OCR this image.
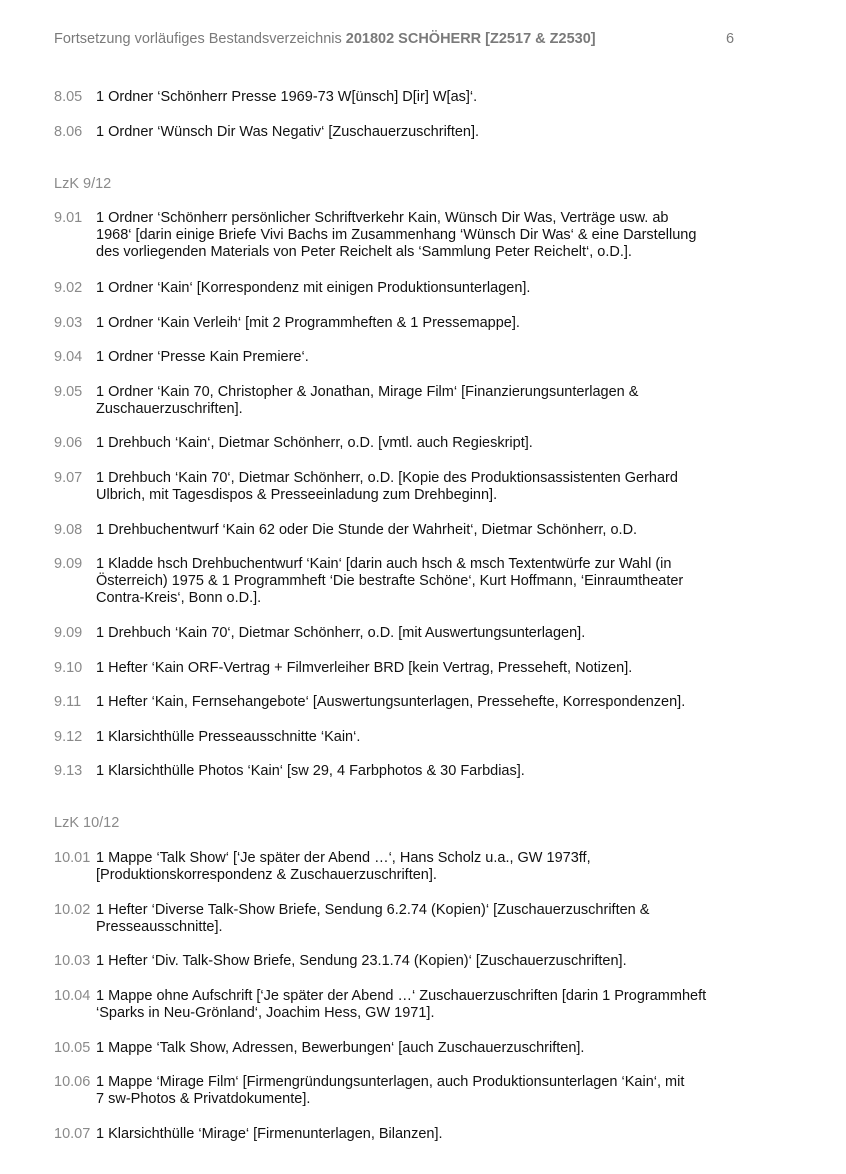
Fortsetzung vorläufiges Bestandsverzeichnis 201802 SCHÖHERR [Z2517 & Z2530]	6
8.05 1 Ordner ‘Schönherr Presse 1969-73 W[ünsch] D[ir] W[as]‘.
8.06 1 Ordner ‘Wünsch Dir Was Negativ‘ [Zuschauerzuschriften].
LzK 9/12
9.01 1 Ordner ‘Schönherr persönlicher Schriftverkehr Kain, Wünsch Dir Was, Verträge usw. ab
1968‘ [darin einige Briefe Vivi Bachs im Zusammenhang ‘Wünsch Dir Was‘ & eine Darstellung
des vorliegenden Materials von Peter Reichelt als ‘Sammlung Peter Reichelt‘, o.D.].
9.02 1 Ordner ‘Kain‘ [Korrespondenz mit einigen Produktionsunterlagen].
9.03 1 Ordner ‘Kain Verleih‘ [mit 2 Programmheften & 1 Pressemappe].
9.04 1 Ordner ‘Presse Kain Premiere‘.
9.05 1 Ordner ‘Kain 70, Christopher & Jonathan, Mirage Film‘ [Finanzierungsunterlagen &
Zuschauerzuschriften].
9.06 1 Drehbuch ‘Kain‘, Dietmar Schönherr, o.D. [vmtl. auch Regieskript].
9.07 1 Drehbuch ‘Kain 70‘, Dietmar Schönherr, o.D. [Kopie des Produktionsassistenten Gerhard
Ulbrich, mit Tagesdispos & Presseeinladung zum Drehbeginn].
9.08 1 Drehbuchentwurf ‘Kain 62 oder Die Stunde der Wahrheit‘, Dietmar Schönherr, o.D.
9.09 1 Kladde hsch Drehbuchentwurf ‘Kain‘ [darin auch hsch & msch Textentwürfe zur Wahl (in
Österreich) 1975 & 1 Programmheft ‘Die bestrafte Schöne‘, Kurt Hoffmann, ‘Einraumtheater
Contra-Kreis‘, Bonn o.D.].
9.09 1 Drehbuch ‘Kain 70‘, Dietmar Schönherr, o.D. [mit Auswertungsunterlagen].
9.10 1 Hefter ‘Kain ORF-Vertrag + Filmverleiher BRD [kein Vertrag, Presseheft, Notizen].
9.11 1 Hefter ‘Kain, Fernsehangebote‘ [Auswertungsunterlagen, Pressehefte, Korrespondenzen].
9.12 1 Klarsichthülle Presseausschnitte ‘Kain‘.
9.13 1 Klarsichthülle Photos ‘Kain‘ [sw 29, 4 Farbphotos & 30 Farbdias].
LzK 10/12
10.01 1 Mappe ‘Talk Show‘ [‘Je später der Abend …‘, Hans Scholz u.a., GW 1973ff,
[Produktionskorrespondenz & Zuschauerzuschriften].
10.02 1 Hefter ‘Diverse Talk-Show Briefe, Sendung 6.2.74 (Kopien)‘ [Zuschauerzuschriften &
Presseausschnitte].
10.03 1 Hefter ‘Div. Talk-Show Briefe, Sendung 23.1.74 (Kopien)‘ [Zuschauerzuschriften].
10.04 1 Mappe ohne Aufschrift [‘Je später der Abend …‘ Zuschauerzuschriften [darin 1 Programmheft
‘Sparks in Neu-Grönland‘, Joachim Hess, GW 1971].
10.05 1 Mappe ‘Talk Show, Adressen, Bewerbungen‘ [auch Zuschauerzuschriften].
10.06 1 Mappe ‘Mirage Film‘ [Firmengründungsunterlagen, auch Produktionsunterlagen ‘Kain‘, mit
7 sw-Photos & Privatdokumente].
10.07 1 Klarsichthülle ‘Mirage‘ [Firmenunterlagen, Bilanzen].
